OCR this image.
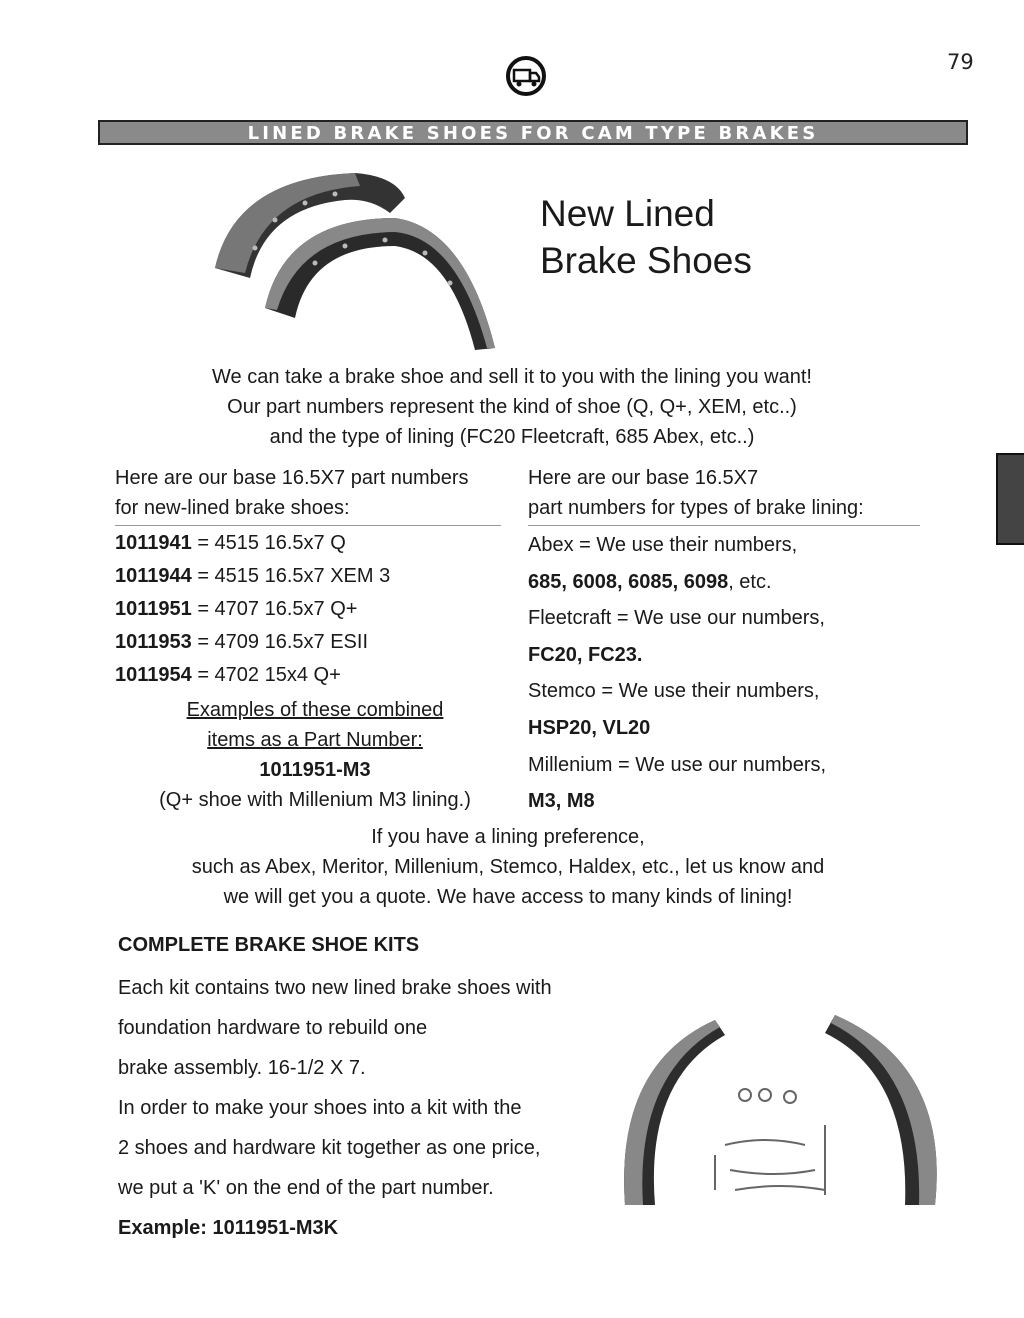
79
LINED BRAKE SHOES FOR CAM TYPE BRAKES
New Lined
Brake Shoes
We can take a brake shoe and sell it to you with the lining you want!
Our part numbers represent the kind of shoe (Q, Q+, XEM, etc..)
and the type of lining (FC20 Fleetcraft, 685 Abex, etc..)
Here are our base 16.5X7 part numbers
for new-lined brake shoes:
1011941 = 4515 16.5x7 Q
1011944 = 4515 16.5x7 XEM 3
1011951 = 4707 16.5x7 Q+
1011953 = 4709 16.5x7 ESII
1011954 = 4702 15x4 Q+
Examples of these combined
items as a Part Number:
1011951-M3
(Q+ shoe with Millenium M3 lining.)
Here are our base 16.5X7
part numbers for types of brake lining:
Abex = We use their numbers,
685, 6008, 6085, 6098, etc.
Fleetcraft = We use our numbers,
FC20, FC23.
Stemco = We use their numbers,
HSP20, VL20
Millenium = We use our numbers,
M3, M8
If you have a lining preference,
such as Abex, Meritor, Millenium, Stemco, Haldex, etc., let us know and
we will get you a quote. We have access to many kinds of lining!
COMPLETE BRAKE SHOE KITS
Each kit contains two new lined brake shoes with
foundation hardware to rebuild one
brake assembly. 16-1/2 X 7.
In order to make your shoes into a kit with the
2 shoes and hardware kit together as one price,
we put a 'K' on the end of the part number.
Example: 1011951-M3K
